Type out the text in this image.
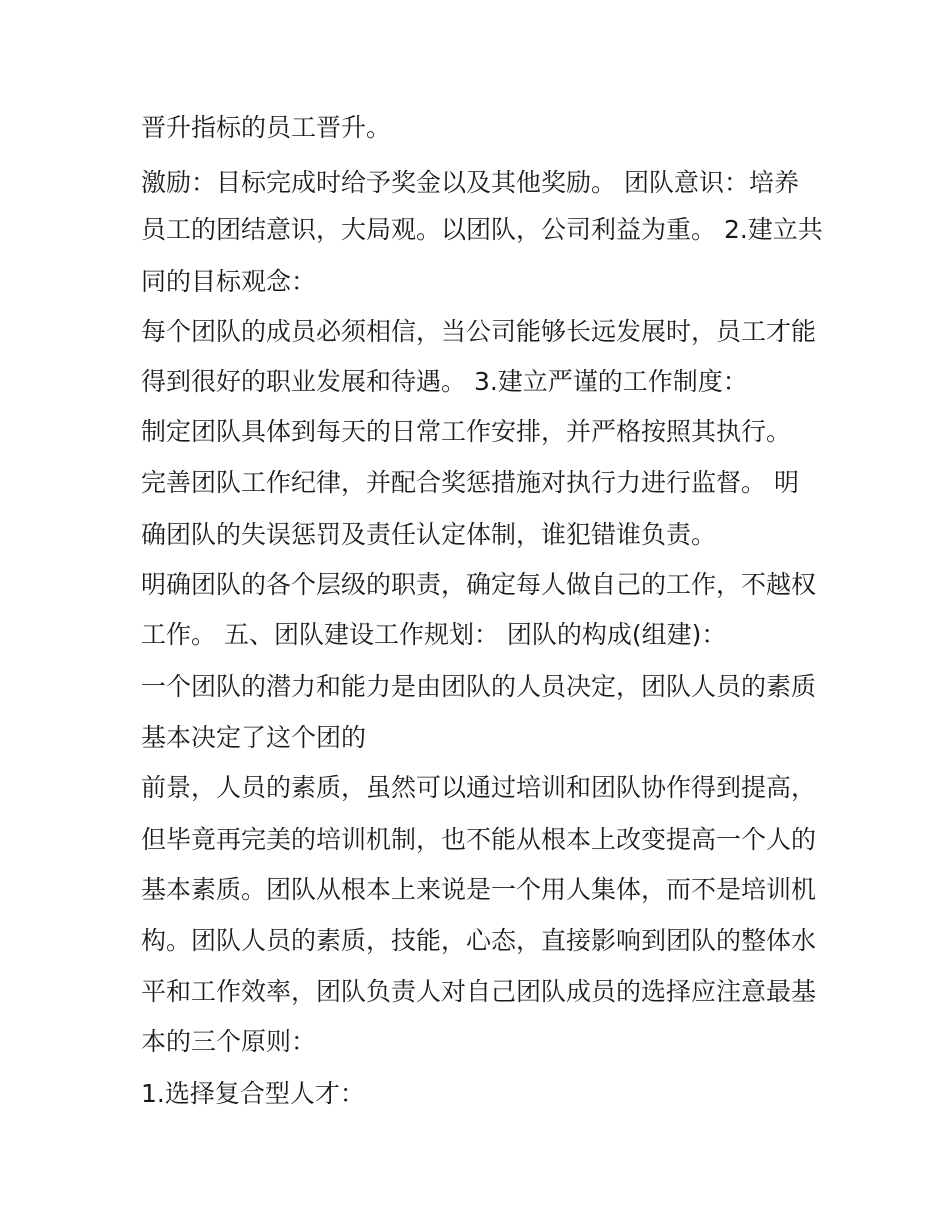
晋升指标的员工晋升。

激励：目标完成时给予奖金以及其他奖励。 团队意识：培养

员工的团结意识，大局观。以团队，公司利益为重。 2.建立共

同的目标观念：

每个团队的成员必须相信，当公司能够长远发展时，员工才能

得到很好的职业发展和待遇。 3.建立严谨的工作制度：

制定团队具体到每天的日常工作安排，并严格按照其执行。

完善团队工作纪律，并配合奖惩措施对执行力进行监督。 明

确团队的失误惩罚及责任认定体制，谁犯错谁负责。

明确团队的各个层级的职责，确定每人做自己的工作，不越权

工作。 五、团队建设工作规划： 团队的构成(组建)：

一个团队的潜力和能力是由团队的人员决定，团队人员的素质

基本决定了这个团的

前景，人员的素质，虽然可以通过培训和团队协作得到提高，

但毕竟再完美的培训机制，也不能从根本上改变提高一个人的

基本素质。团队从根本上来说是一个用人集体，而不是培训机

构。团队人员的素质，技能，心态，直接影响到团队的整体水

平和工作效率，团队负责人对自己团队成员的选择应注意最基

本的三个原则：

1.选择复合型人才：
